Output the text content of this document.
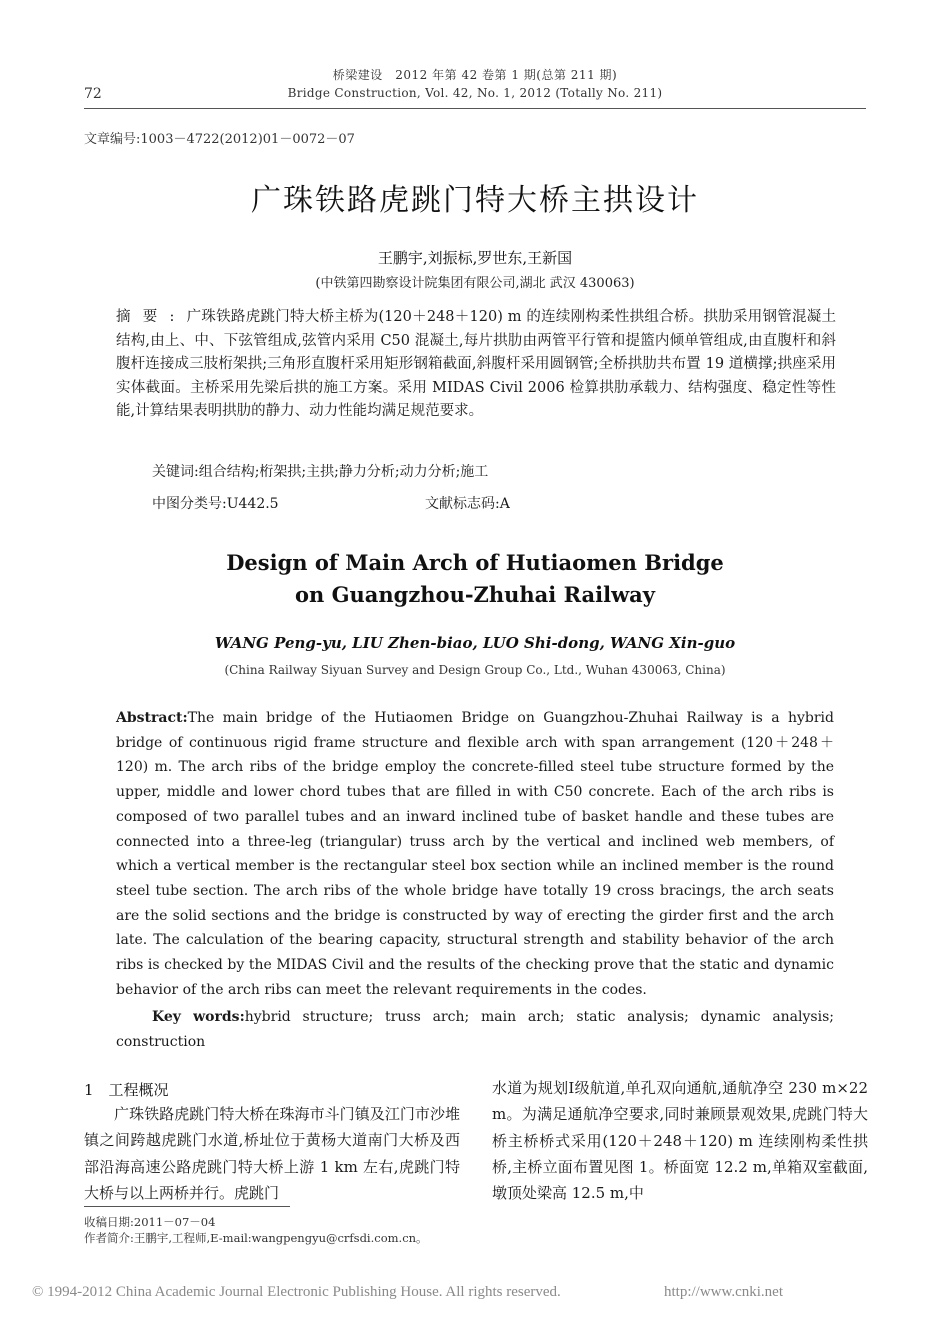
72
桥梁建设　2012 年第 42 卷第 1 期(总第 211 期)
Bridge Construction, Vol. 42, No. 1, 2012 (Totally No. 211)
文章编号:1003－4722(2012)01－0072－07
广珠铁路虎跳门特大桥主拱设计
王鹏宇,刘振标,罗世东,王新国
(中铁第四勘察设计院集团有限公司,湖北 武汉 430063)
摘要:广珠铁路虎跳门特大桥主桥为(120＋248＋120) m 的连续刚构柔性拱组合桥。拱肋采用钢管混凝土结构,由上、中、下弦管组成,弦管内采用 C50 混凝土,每片拱肋由两管平行管和提篮内倾单管组成,由直腹杆和斜腹杆连接成三肢桁架拱;三角形直腹杆采用矩形钢箱截面,斜腹杆采用圆钢管;全桥拱肋共布置 19 道横撑;拱座采用实体截面。主桥采用先梁后拱的施工方案。采用 MIDAS Civil 2006 检算拱肋承载力、结构强度、稳定性等性能,计算结果表明拱肋的静力、动力性能均满足规范要求。
关键词:组合结构;桁架拱;主拱;静力分析;动力分析;施工
中图分类号:U442.5	文献标志码:A
Design of Main Arch of Hutiaomen Bridge
on Guangzhou-Zhuhai Railway
WANG Peng-yu, LIU Zhen-biao, LUO Shi-dong, WANG Xin-guo
(China Railway Siyuan Survey and Design Group Co., Ltd., Wuhan 430063, China)
Abstract:The main bridge of the Hutiaomen Bridge on Guangzhou-Zhuhai Railway is a hybrid bridge of continuous rigid frame structure and flexible arch with span arrangement (120＋248＋120) m. The arch ribs of the bridge employ the concrete-filled steel tube structure formed by the upper, middle and lower chord tubes that are filled in with C50 concrete. Each of the arch ribs is composed of two parallel tubes and an inward inclined tube of basket handle and these tubes are connected into a three-leg (triangular) truss arch by the vertical and inclined web members, of which a vertical member is the rectangular steel box section while an inclined member is the round steel tube section. The arch ribs of the whole bridge have totally 19 cross bracings, the arch seats are the solid sections and the bridge is constructed by way of erecting the girder first and the arch late. The calculation of the bearing capacity, structural strength and stability behavior of the arch ribs is checked by the MIDAS Civil and the results of the checking prove that the static and dynamic behavior of the arch ribs can meet the relevant requirements in the codes.
Key words:hybrid structure; truss arch; main arch; static analysis; dynamic analysis; construction
1　工程概况
广珠铁路虎跳门特大桥在珠海市斗门镇及江门市沙堆镇之间跨越虎跳门水道,桥址位于黄杨大道南门大桥及西部沿海高速公路虎跳门特大桥上游 1 km 左右,虎跳门特大桥与以上两桥并行。虎跳门
水道为规划Ⅰ级航道,单孔双向通航,通航净空 230 m×22 m。为满足通航净空要求,同时兼顾景观效果,虎跳门特大桥主桥桥式采用(120＋248＋120) m 连续刚构柔性拱桥,主桥立面布置见图 1。桥面宽 12.2 m,单箱双室截面,墩顶处梁高 12.5 m,中
收稿日期:2011－07－04
作者简介:王鹏宇,工程师,E-mail:wangpengyu@crfsdi.com.cn。
© 1994-2012 China Academic Journal Electronic Publishing House. All rights reserved.	http://www.cnki.net
